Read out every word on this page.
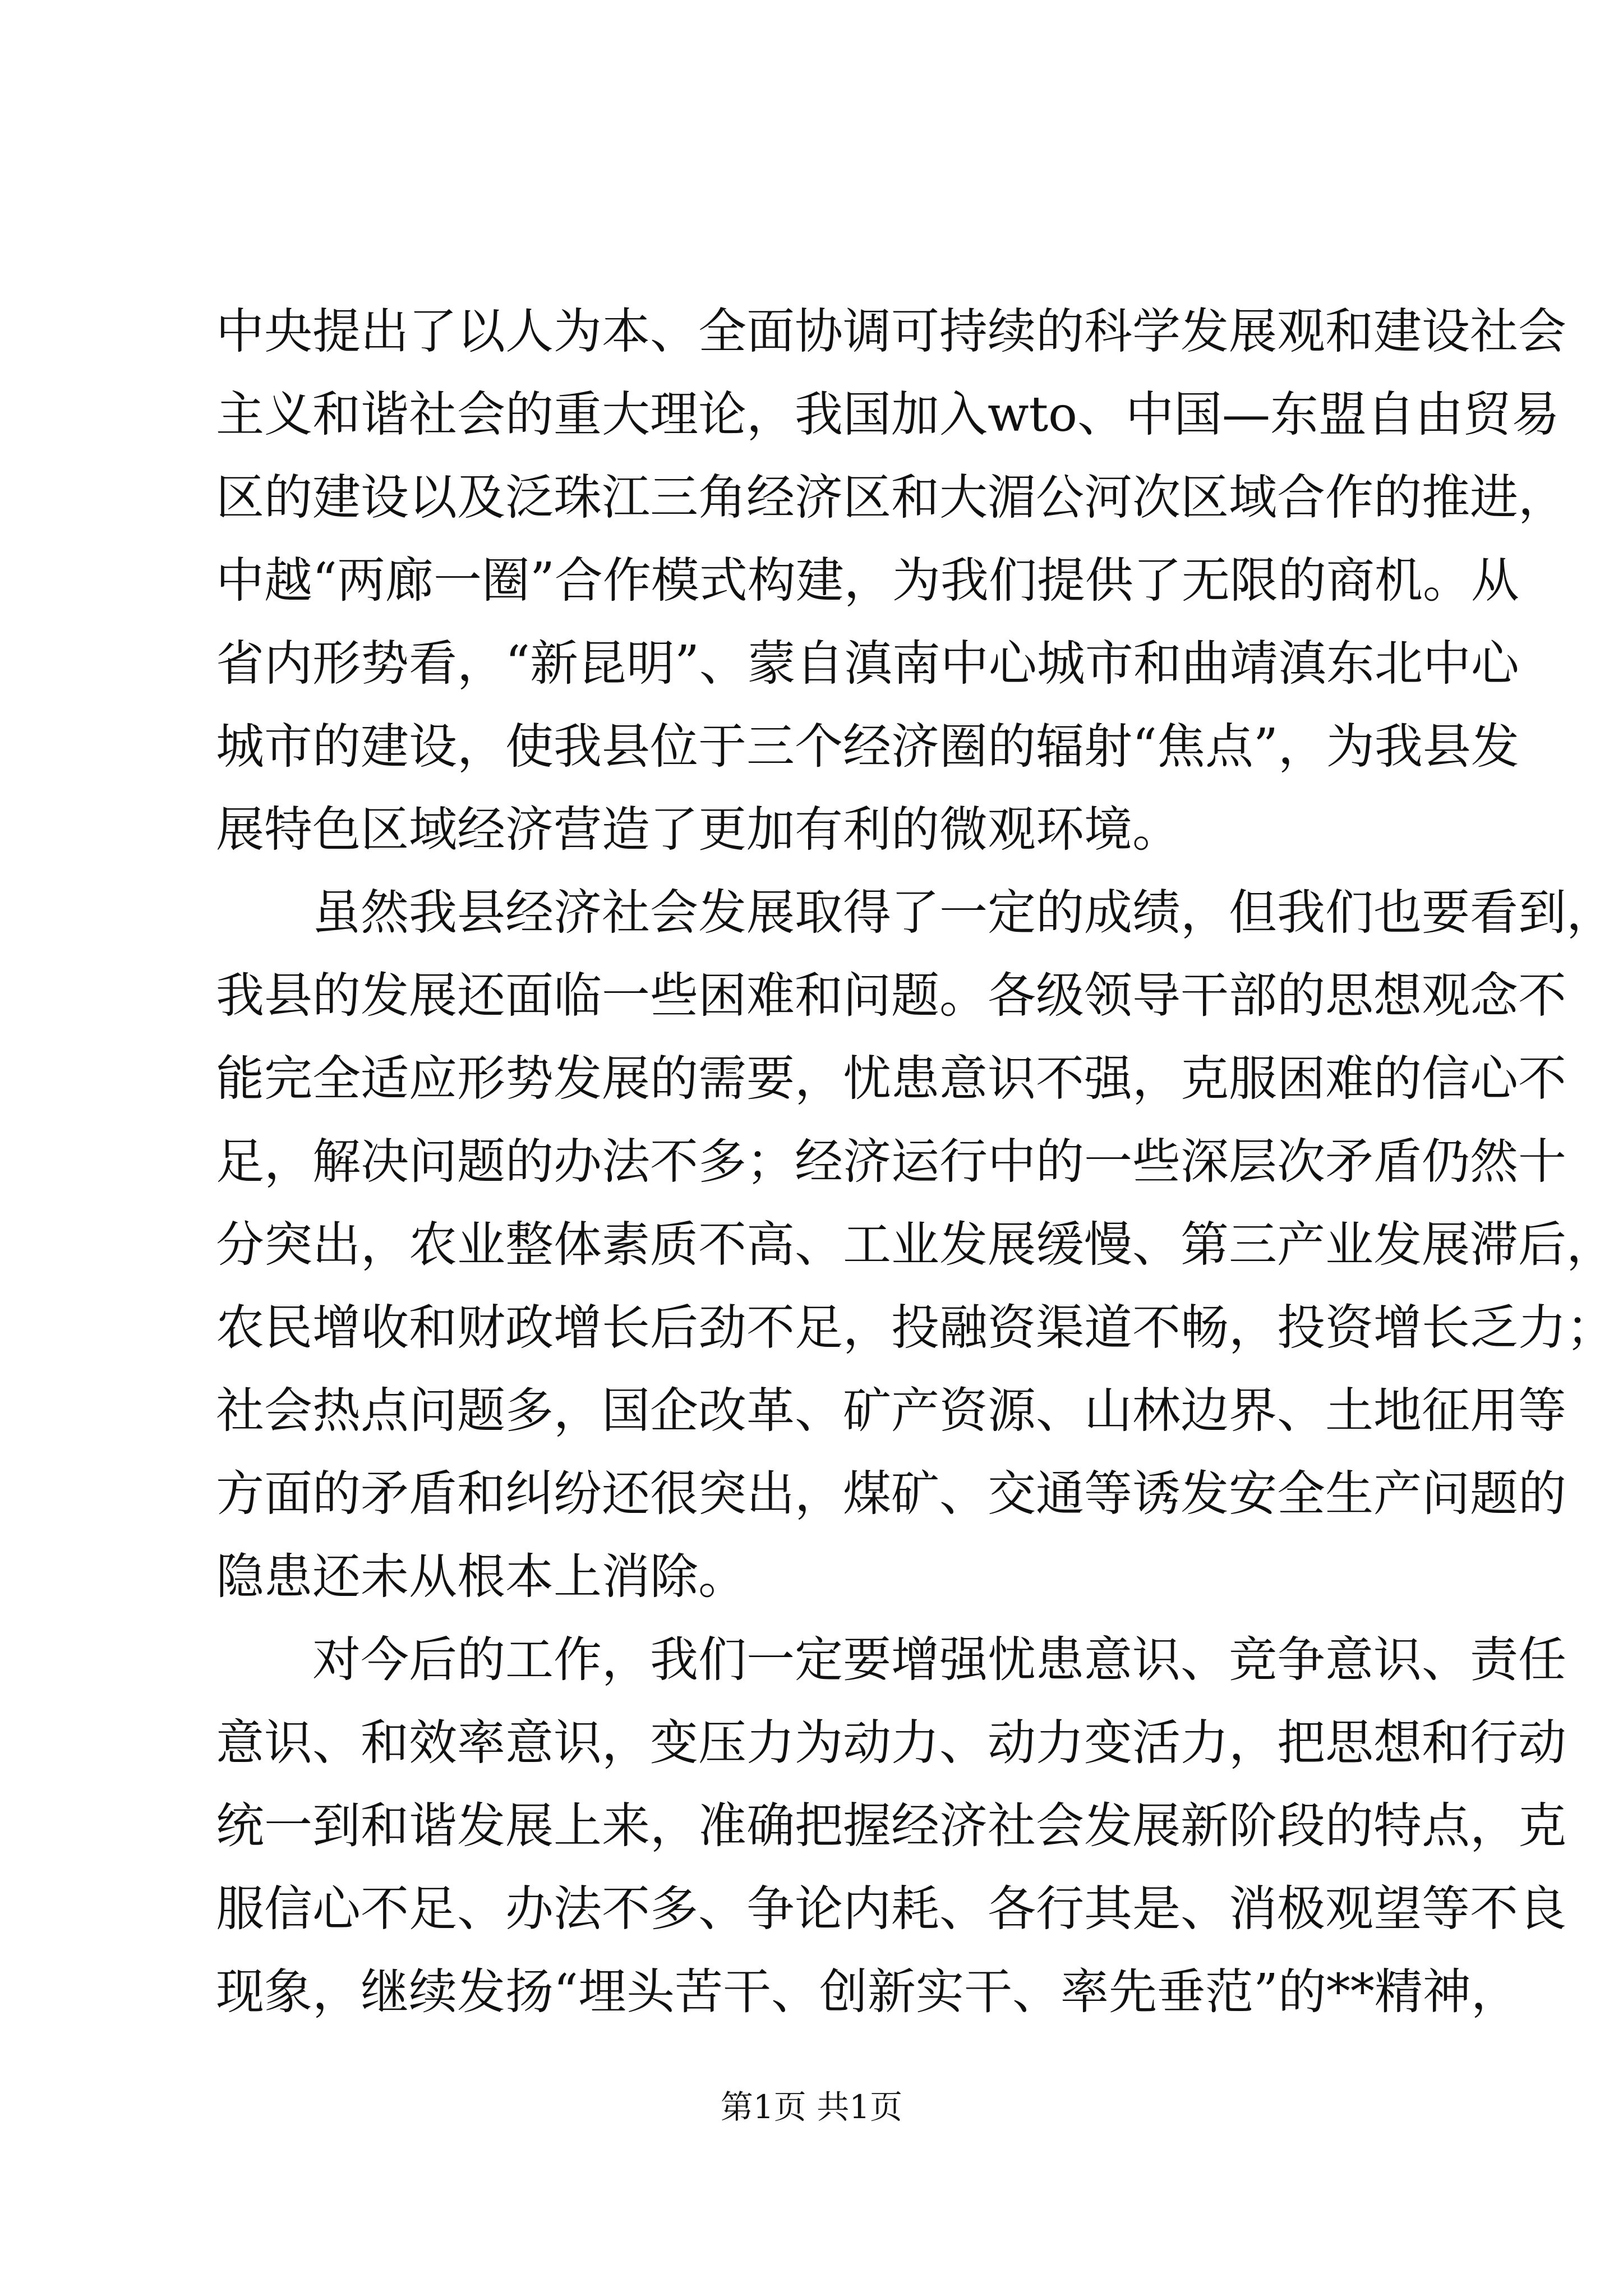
中央提出了以人为本、全面协调可持续的科学发展观和建设社会
主义和谐社会的重大理论，我国加入wto、中国—东盟自由贸易
区的建设以及泛珠江三角经济区和大湄公河次区域合作的推进，
中越“两廊一圈”合作模式构建，为我们提供了无限的商机。从
省内形势看，“新昆明”、蒙自滇南中心城市和曲靖滇东北中心
城市的建设，使我县位于三个经济圈的辐射“焦点”，为我县发
展特色区域经济营造了更加有利的微观环境。
虽然我县经济社会发展取得了一定的成绩，但我们也要看到，
我县的发展还面临一些困难和问题。各级领导干部的思想观念不
能完全适应形势发展的需要，忧患意识不强，克服困难的信心不
足，解决问题的办法不多；经济运行中的一些深层次矛盾仍然十
分突出，农业整体素质不高、工业发展缓慢、第三产业发展滞后，
农民增收和财政增长后劲不足，投融资渠道不畅，投资增长乏力；
社会热点问题多，国企改革、矿产资源、山林边界、土地征用等
方面的矛盾和纠纷还很突出，煤矿、交通等诱发安全生产问题的
隐患还未从根本上消除。
对今后的工作，我们一定要增强忧患意识、竞争意识、责任
意识、和效率意识，变压力为动力、动力变活力，把思想和行动
统一到和谐发展上来，准确把握经济社会发展新阶段的特点，克
服信心不足、办法不多、争论内耗、各行其是、消极观望等不良
现象，继续发扬“埋头苦干、创新实干、率先垂范”的**精神，
第1页 共1页
